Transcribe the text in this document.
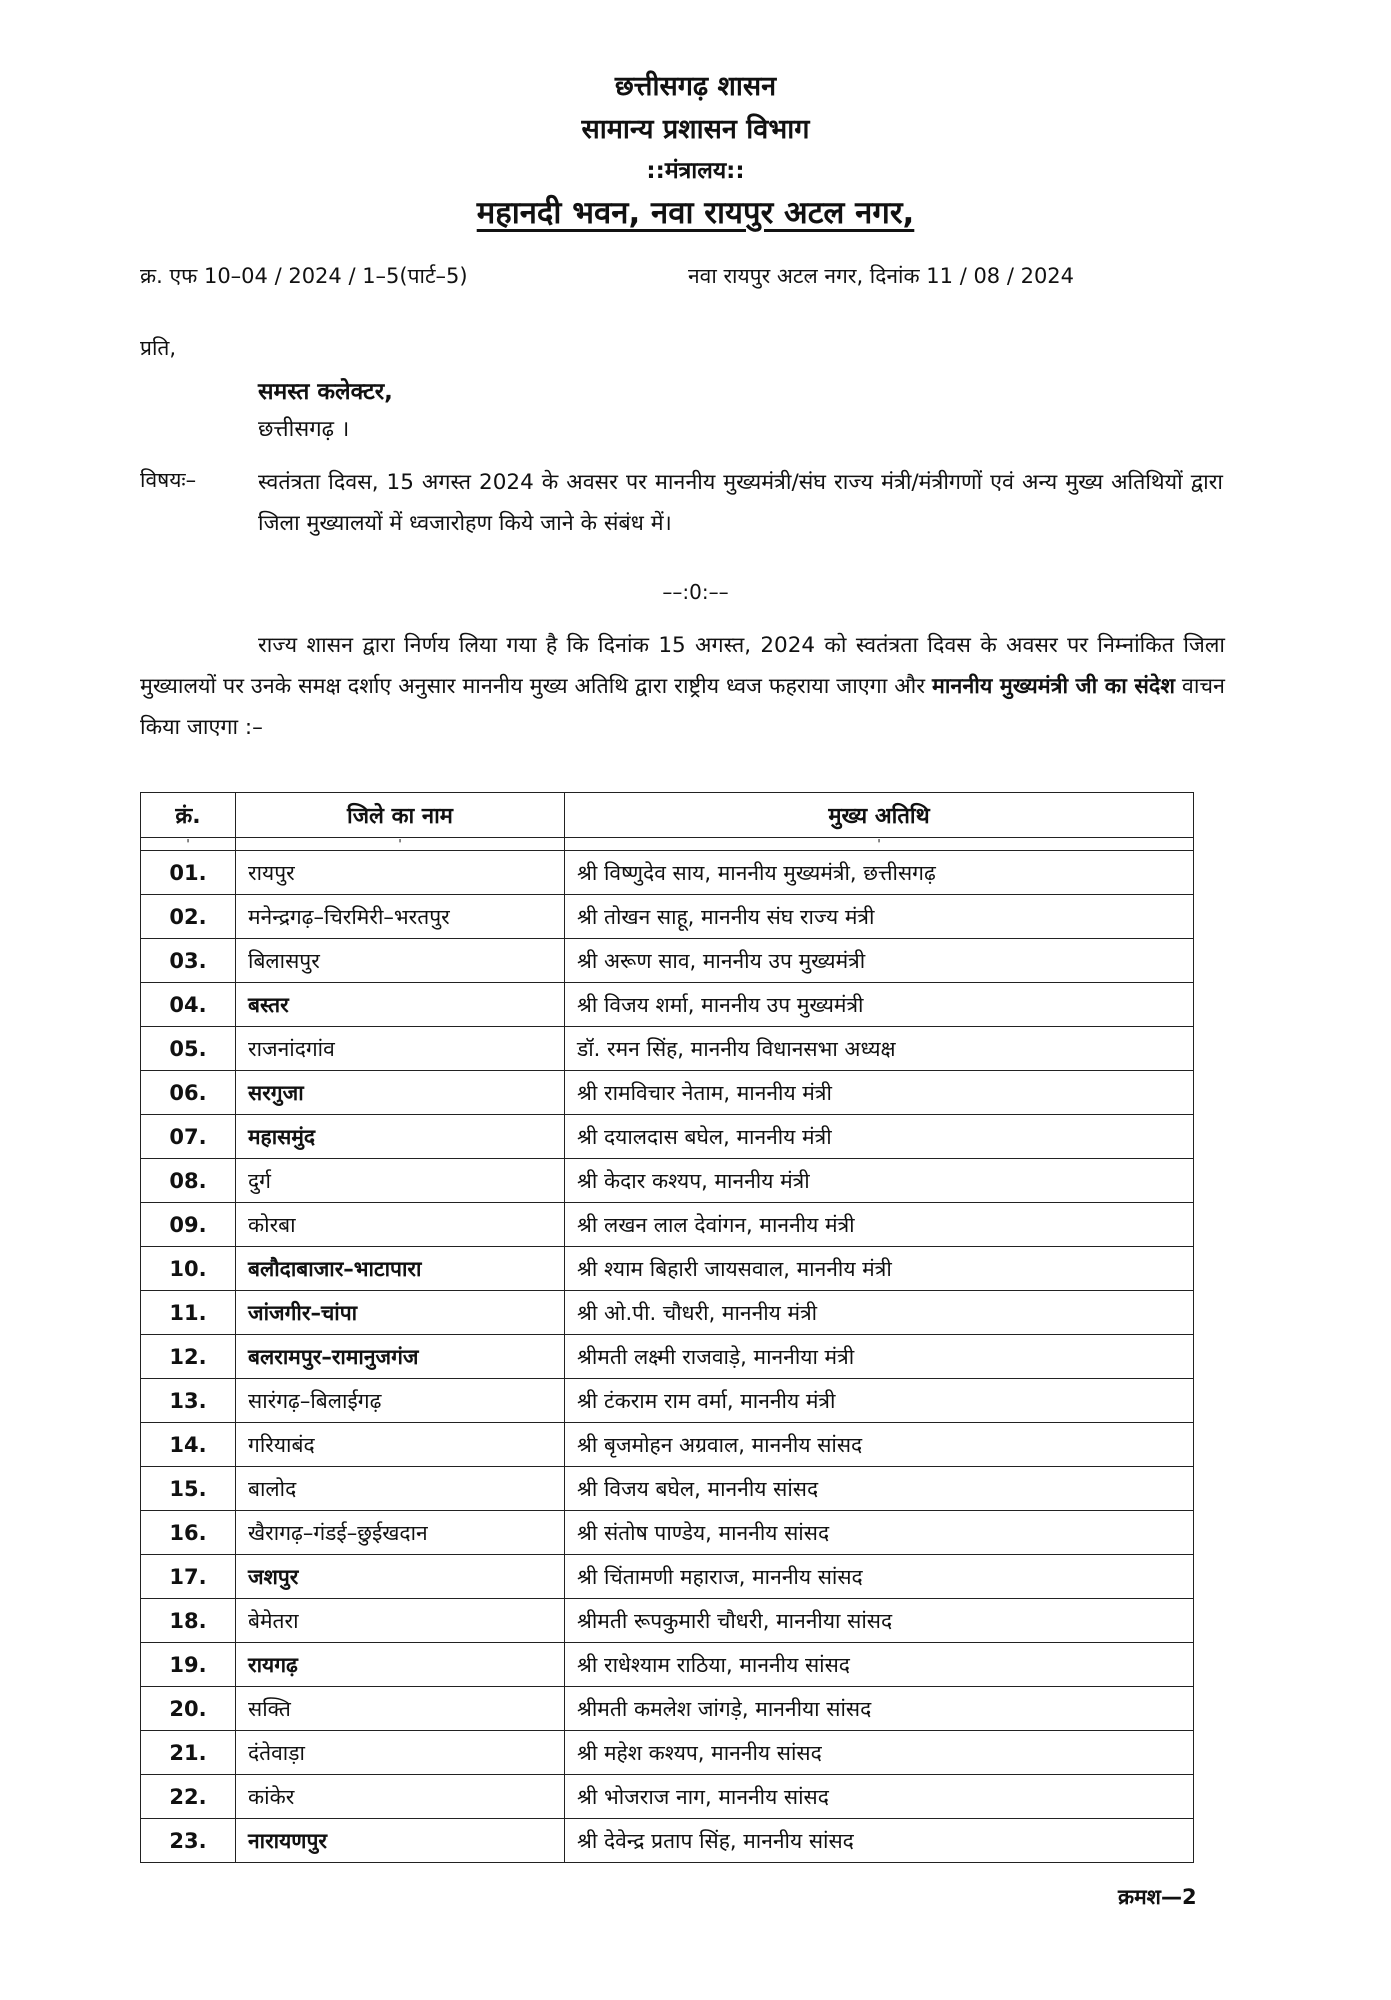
छत्तीसगढ़ शासन
सामान्य प्रशासन विभाग
::मंत्रालय::
महानदी भवन, नवा रायपुर अटल नगर,
क्र. एफ 10–04 / 2024 / 1–5(पार्ट–5)	नवा रायपुर अटल नगर, दिनांक 11 / 08 / 2024
प्रति,
समस्त कलेक्टर,
छत्तीसगढ़ ।
विषयः–	स्वतंत्रता दिवस, 15 अगस्त 2024 के अवसर पर माननीय मुख्यमंत्री/संघ राज्य मंत्री/मंत्रीगणों एवं अन्य मुख्य अतिथियों द्वारा जिला मुख्यालयों में ध्वजारोहण किये जाने के संबंध में।
––:0:––
राज्य शासन द्वारा निर्णय लिया गया है कि दिनांक 15 अगस्त, 2024 को स्वतंत्रता दिवस के अवसर पर निम्नांकित जिला मुख्यालयों पर उनके समक्ष दर्शाए अनुसार माननीय मुख्य अतिथि द्वारा राष्ट्रीय ध्वज फहराया जाएगा और माननीय मुख्यमंत्री जी का संदेश वाचन किया जाएगा :–
क्रं.	जिले का नाम	मुख्य अतिथि
'	'	'
01.	रायपुर	श्री विष्णुदेव साय, माननीय मुख्यमंत्री, छत्तीसगढ़
02.	मनेन्द्रगढ़–चिरमिरी–भरतपुर	श्री तोखन साहू, माननीय संघ राज्य मंत्री
03.	बिलासपुर	श्री अरूण साव, माननीय उप मुख्यमंत्री
04.	बस्तर	श्री विजय शर्मा, माननीय उप मुख्यमंत्री
05.	राजनांदगांव	डॉ. रमन सिंह, माननीय विधानसभा अध्यक्ष
06.	सरगुजा	श्री रामविचार नेताम, माननीय मंत्री
07.	महासमुंद	श्री दयालदास बघेल, माननीय मंत्री
08.	दुर्ग	श्री केदार कश्यप, माननीय मंत्री
09.	कोरबा	श्री लखन लाल देवांगन, माननीय मंत्री
10.	बलौदाबाजार–भाटापारा	श्री श्याम बिहारी जायसवाल, माननीय मंत्री
11.	जांजगीर–चांपा	श्री ओ.पी. चौधरी, माननीय मंत्री
12.	बलरामपुर–रामानुजगंज	श्रीमती लक्ष्मी राजवाड़े, माननीया मंत्री
13.	सारंगढ़–बिलाईगढ़	श्री टंकराम राम वर्मा, माननीय मंत्री
14.	गरियाबंद	श्री बृजमोहन अग्रवाल, माननीय सांसद
15.	बालोद	श्री विजय बघेल, माननीय सांसद
16.	खैरागढ़–गंडई–छुईखदान	श्री संतोष पाण्डेय, माननीय सांसद
17.	जशपुर	श्री चिंतामणी महाराज, माननीय सांसद
18.	बेमेतरा	श्रीमती रूपकुमारी चौधरी, माननीया सांसद
19.	रायगढ़	श्री राधेश्याम राठिया, माननीय सांसद
20.	सक्ति	श्रीमती कमलेश जांगड़े, माननीया सांसद
21.	दंतेवाड़ा	श्री महेश कश्यप, माननीय सांसद
22.	कांकेर	श्री भोजराज नाग, माननीय सांसद
23.	नारायणपुर	श्री देवेन्द्र प्रताप सिंह, माननीय सांसद
क्रमश—2
